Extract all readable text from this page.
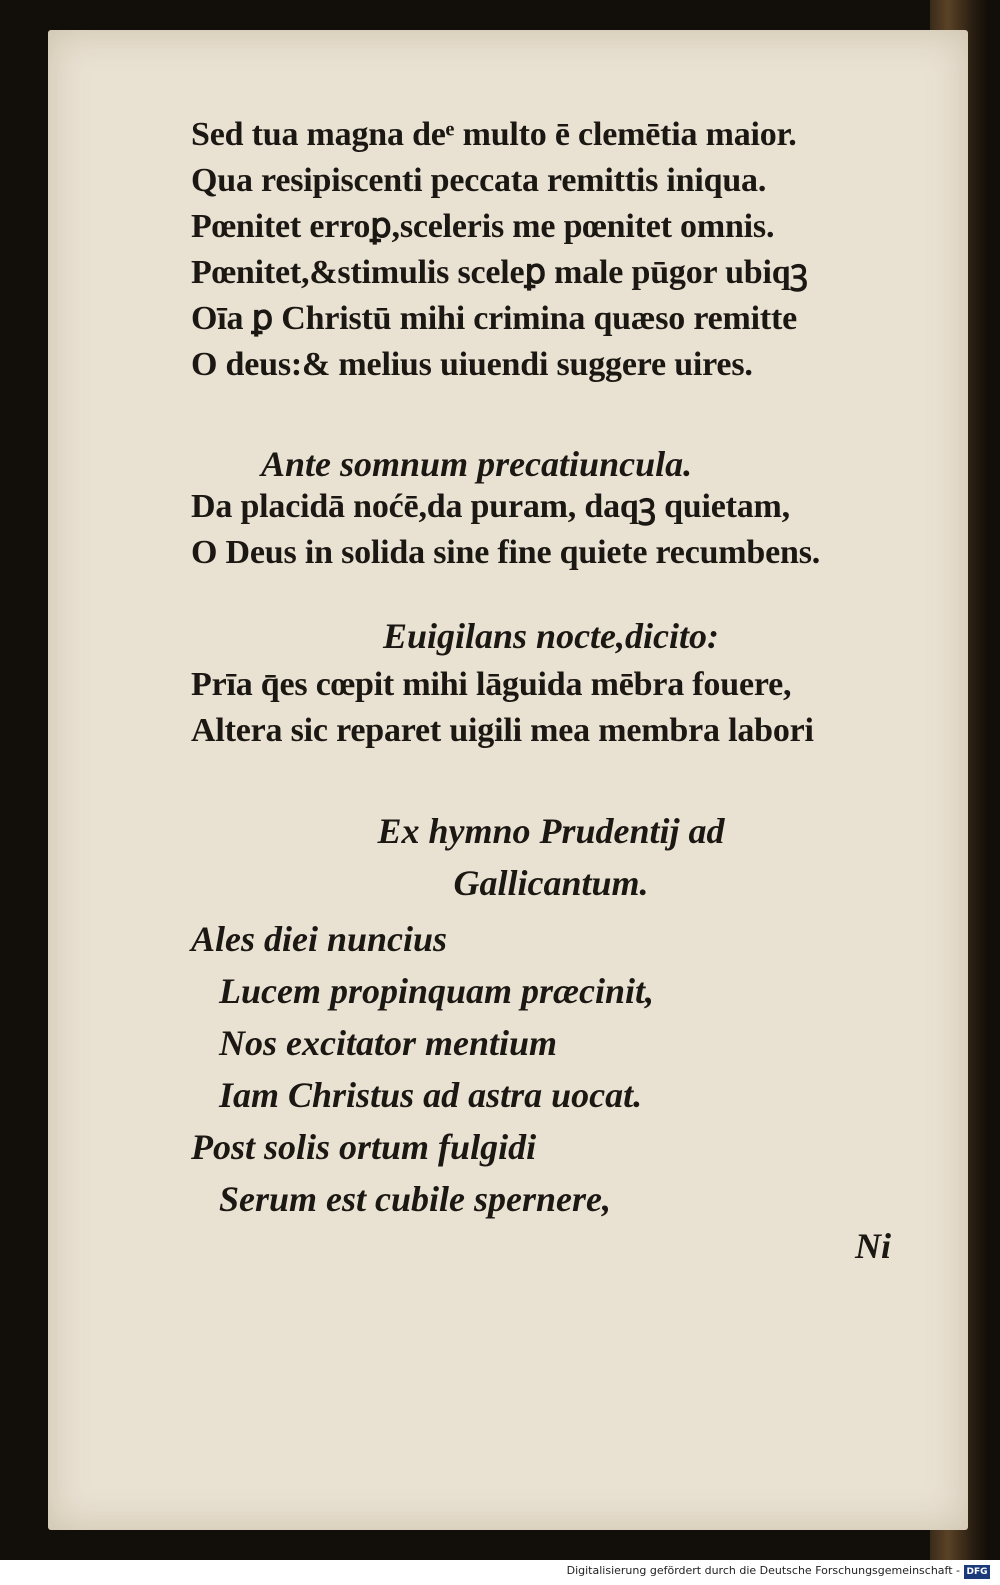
Sed tua magna deᵉ multo ē clemētia maior.
Qua resipiscenti peccata remittis iniqua.
Pœnitet erroꝑ,sceleris me pœnitet omnis.
Pœnitet,&stimulis sceleꝑ male pūgor ubiqꝫ
Oīa ꝑ Christū mihi crimina quæso remitte
O deus:& melius uiuendi suggere uires.
Ante somnum precatiuncula.
Da placidā noćē,da puram, daqꝫ quietam,
O Deus in solida sine fine quiete recumbens.
Euigilans nocte,dicito:
Prīa q̄es cœpit mihi lāguida mēbra fouere,
Altera sic reparet uigili mea membra labori
Ex hymno Prudentij ad
Gallicantum.
Ales diei nuncius
Lucem propinquam præcinit,
Nos excitator mentium
Iam Christus ad astra uocat.
Post solis ortum fulgidi
Serum est cubile spernere,
Ni
Digitalisierung gefördert durch die Deutsche Forschungsgemeinschaft - DFG
